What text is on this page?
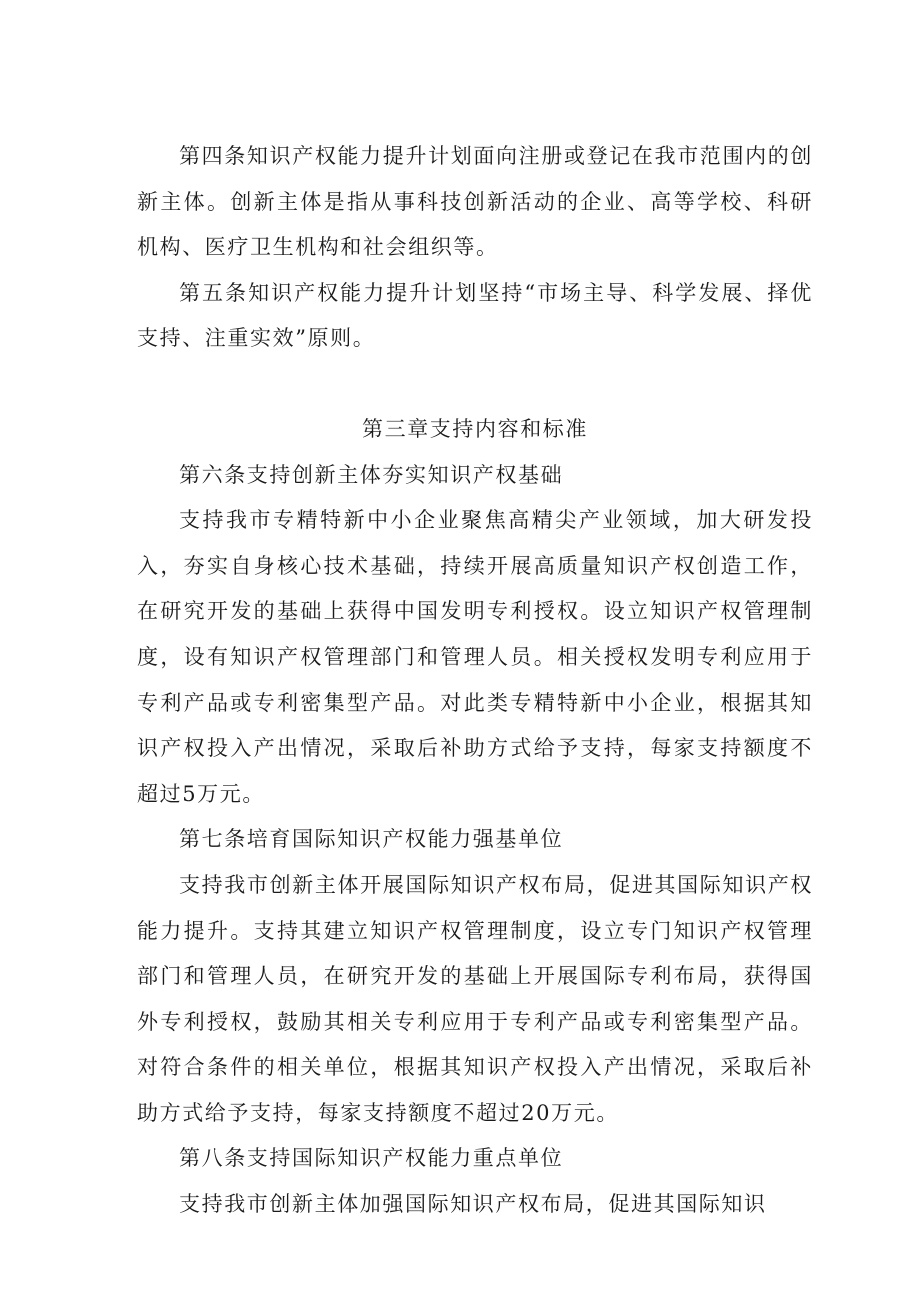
第四条知识产权能力提升计划面向注册或登记在我市范围内的创新主体。创新主体是指从事科技创新活动的企业、高等学校、科研机构、医疗卫生机构和社会组织等。

第五条知识产权能力提升计划坚持“市场主导、科学发展、择优支持、注重实效”原则。

第三章支持内容和标准

第六条支持创新主体夯实知识产权基础

支持我市专精特新中小企业聚焦高精尖产业领域，加大研发投入，夯实自身核心技术基础，持续开展高质量知识产权创造工作，在研究开发的基础上获得中国发明专利授权。设立知识产权管理制度，设有知识产权管理部门和管理人员。相关授权发明专利应用于专利产品或专利密集型产品。对此类专精特新中小企业，根据其知识产权投入产出情况，采取后补助方式给予支持，每家支持额度不超过5万元。

第七条培育国际知识产权能力强基单位

支持我市创新主体开展国际知识产权布局，促进其国际知识产权能力提升。支持其建立知识产权管理制度，设立专门知识产权管理部门和管理人员，在研究开发的基础上开展国际专利布局，获得国外专利授权，鼓励其相关专利应用于专利产品或专利密集型产品。对符合条件的相关单位，根据其知识产权投入产出情况，采取后补助方式给予支持，每家支持额度不超过20万元。

第八条支持国际知识产权能力重点单位

支持我市创新主体加强国际知识产权布局，促进其国际知识
